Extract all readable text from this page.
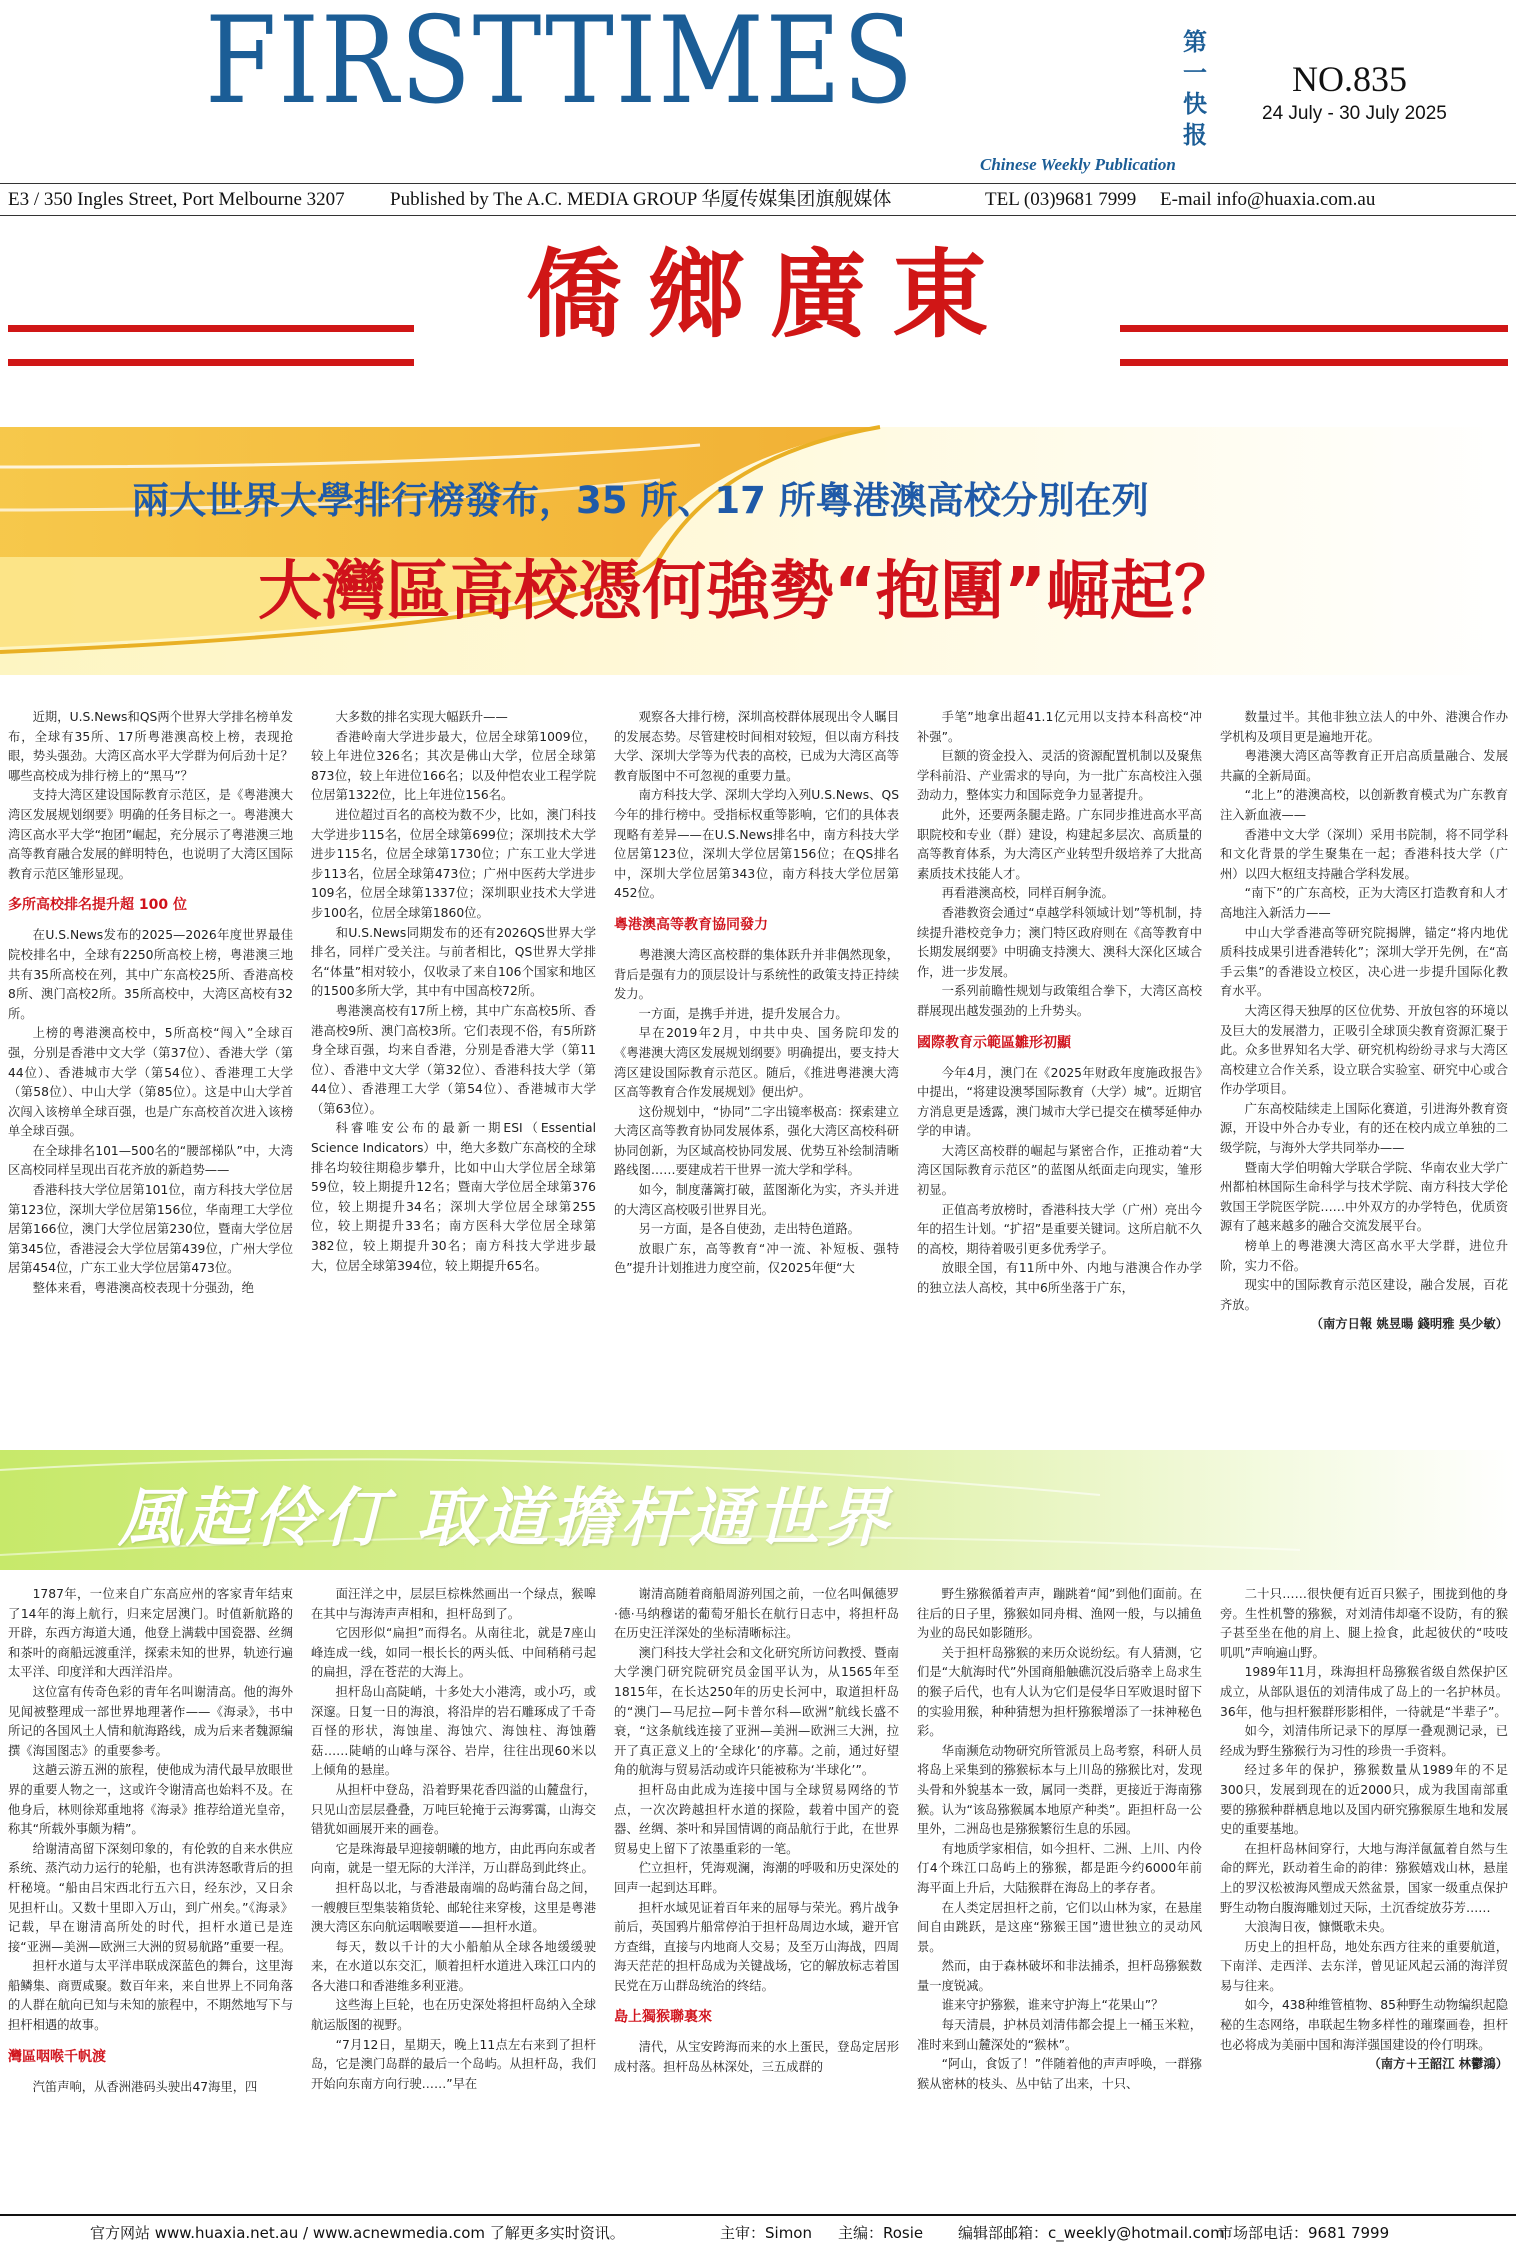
FIRSTTIMES
Chinese Weekly Publication
第一快报
NO.835
24 July - 30 July 2025
E3 / 350 Ingles Street, Port Melbourne 3207 Published by The A.C. MEDIA GROUP 华厦传媒集团旗舰媒体	TEL (03)9681 7999 E-mail info@huaxia.com.au
僑鄉廣東
兩大世界大學排行榜發布，35 所、17 所粵港澳高校分別在列
大灣區高校憑何強勢“抱團”崛起？

近期，U.S.News和QS两个世界大学排名榜单发布，全球有35所、17所粤港澳高校上榜，表现抢眼，势头强劲。大湾区高水平大学群为何后劲十足？哪些高校成为排行榜上的“黑马”？

支持大湾区建设国际教育示范区，是《粤港澳大湾区发展规划纲要》明确的任务目标之一。粤港澳大湾区高水平大学“抱团”崛起，充分展示了粤港澳三地高等教育融合发展的鲜明特色，也说明了大湾区国际教育示范区雏形显现。

多所高校排名提升超 100 位

在U.S.News发布的2025—2026年度世界最佳院校排名中，全球有2250所高校上榜，粤港澳三地共有35所高校在列，其中广东高校25所、香港高校8所、澳门高校2所。35所高校中，大湾区高校有32所。

上榜的粤港澳高校中，5所高校“闯入”全球百强，分别是香港中文大学（第37位）、香港大学（第44位）、香港城市大学（第54位）、香港理工大学（第58位）、中山大学（第85位）。这是中山大学首次闯入该榜单全球百强，也是广东高校首次进入该榜单全球百强。

在全球排名101—500名的“腰部梯队”中，大湾区高校同样呈现出百花齐放的新趋势——

香港科技大学位居第101位，南方科技大学位居第123位，深圳大学位居第156位，华南理工大学位居第166位，澳门大学位居第230位，暨南大学位居第345位，香港浸会大学位居第439位，广州大学位居第454位，广东工业大学位居第473位。

整体来看，粤港澳高校表现十分强劲，绝

大多数的排名实现大幅跃升——

香港岭南大学进步最大，位居全球第1009位，较上年进位326名；其次是佛山大学，位居全球第873位，较上年进位166名；以及仲恺农业工程学院位居第1322位，比上年进位156名。

进位超过百名的高校为数不少，比如，澳门科技大学进步115名，位居全球第699位；深圳技术大学进步115名，位居全球第1730位；广东工业大学进步113名，位居全球第473位；广州中医药大学进步109名，位居全球第1337位；深圳职业技术大学进步100名，位居全球第1860位。

和U.S.News同期发布的还有2026QS世界大学排名，同样广受关注。与前者相比，QS世界大学排名“体量”相对较小，仅收录了来自106个国家和地区的1500多所大学，其中有中国高校72所。

粤港澳高校有17所上榜，其中广东高校5所、香港高校9所、澳门高校3所。它们表现不俗，有5所跻身全球百强，均来自香港，分别是香港大学（第11位）、香港中文大学（第32位）、香港科技大学（第44位）、香港理工大学（第54位）、香港城市大学（第63位）。

科睿唯安公布的最新一期ESI（Essential Science Indicators）中，绝大多数广东高校的全球排名均较往期稳步攀升，比如中山大学位居全球第59位，较上期提升12名；暨南大学位居全球第376位，较上期提升34名；深圳大学位居全球第255位，较上期提升33名；南方医科大学位居全球第382位，较上期提升30名；南方科技大学进步最大，位居全球第394位，较上期提升65名。

观察各大排行榜，深圳高校群体展现出令人瞩目的发展态势。尽管建校时间相对较短，但以南方科技大学、深圳大学等为代表的高校，已成为大湾区高等教育版图中不可忽视的重要力量。

南方科技大学、深圳大学均入列U.S.News、QS今年的排行榜中。受指标权重等影响，它们的具体表现略有差异——在U.S.News排名中，南方科技大学位居第123位，深圳大学位居第156位；在QS排名中，深圳大学位居第343位，南方科技大学位居第452位。

粵港澳高等教育協同發力

粤港澳大湾区高校群的集体跃升并非偶然现象，背后是强有力的顶层设计与系统性的政策支持正持续发力。

一方面，是携手并进，提升发展合力。

早在2019年2月，中共中央、国务院印发的《粤港澳大湾区发展规划纲要》明确提出，要支持大湾区建设国际教育示范区。随后，《推进粤港澳大湾区高等教育合作发展规划》便出炉。

这份规划中，“协同”二字出镜率极高：探索建立大湾区高等教育协同发展体系，强化大湾区高校科研协同创新，为区域高校协同发展、优势互补绘制清晰路线图……要建成若干世界一流大学和学科。

如今，制度藩篱打破，蓝图渐化为实，齐头并进的大湾区高校吸引世界目光。

另一方面，是各自使劲，走出特色道路。

放眼广东，高等教育“冲一流、补短板、强特色”提升计划推进力度空前，仅2025年便“大

手笔”地拿出超41.1亿元用以支持本科高校“冲补强”。

巨额的资金投入、灵活的资源配置机制以及聚焦学科前沿、产业需求的导向，为一批广东高校注入强劲动力，整体实力和国际竞争力显著提升。

此外，还要两条腿走路。广东同步推进高水平高职院校和专业（群）建设，构建起多层次、高质量的高等教育体系，为大湾区产业转型升级培养了大批高素质技术技能人才。

再看港澳高校，同样百舸争流。

香港教资会通过“卓越学科领域计划”等机制，持续提升港校竞争力；澳门特区政府则在《高等教育中长期发展纲要》中明确支持澳大、澳科大深化区域合作，进一步发展。

一系列前瞻性规划与政策组合拳下，大湾区高校群展现出越发强劲的上升势头。

國際教育示範區雛形初顯

今年4月，澳门在《2025年财政年度施政报告》中提出，“将建设澳琴国际教育（大学）城”。近期官方消息更是透露，澳门城市大学已提交在横琴延伸办学的申请。

大湾区高校群的崛起与紧密合作，正推动着“大湾区国际教育示范区”的蓝图从纸面走向现实，雏形初显。

正值高考放榜时，香港科技大学（广州）亮出今年的招生计划。“扩招”是重要关键词。这所启航不久的高校，期待着吸引更多优秀学子。

放眼全国，有11所中外、内地与港澳合作办学的独立法人高校，其中6所坐落于广东，

数量过半。其他非独立法人的中外、港澳合作办学机构及项目更是遍地开花。

粤港澳大湾区高等教育正开启高质量融合、发展共赢的全新局面。

“北上”的港澳高校，以创新教育模式为广东教育注入新血液——

香港中文大学（深圳）采用书院制，将不同学科和文化背景的学生聚集在一起；香港科技大学（广州）以四大枢纽支持融合学科发展。

“南下”的广东高校，正为大湾区打造教育和人才高地注入新活力——

中山大学香港高等研究院揭牌，锚定“将内地优质科技成果引进香港转化”；深圳大学开先例，在“高手云集”的香港设立校区，决心进一步提升国际化教育水平。

大湾区得天独厚的区位优势、开放包容的环境以及巨大的发展潜力，正吸引全球顶尖教育资源汇聚于此。众多世界知名大学、研究机构纷纷寻求与大湾区高校建立合作关系，设立联合实验室、研究中心或合作办学项目。

广东高校陆续走上国际化赛道，引进海外教育资源，开设中外合办专业，有的还在校内成立单独的二级学院，与海外大学共同举办——

暨南大学伯明翰大学联合学院、华南农业大学广州都柏林国际生命科学与技术学院、南方科技大学伦敦国王学院医学院……中外双方的办学特色，优质资源有了越来越多的融合交流发展平台。

榜单上的粤港澳大湾区高水平大学群，进位升阶，实力不俗。

现实中的国际教育示范区建设，融合发展，百花齐放。

（南方日報 姚昱暘 錢明雅 吳少敏）

風起伶仃 取道擔杆通世界

1787年，一位来自广东高应州的客家青年结束了14年的海上航行，归来定居澳门。时值新航路的开辟，东西方海道大通，他登上满载中国瓷器、丝绸和茶叶的商船远渡重洋，探索未知的世界，轨迹行遍太平洋、印度洋和大西洋沿岸。

这位富有传奇色彩的青年名叫谢清高。他的海外见闻被整理成一部世界地理著作——《海录》，书中所记的各国风土人情和航海路线，成为后来者魏源编撰《海国图志》的重要参考。

这趟云游五洲的旅程，使他成为清代最早放眼世界的重要人物之一，这或许令谢清高也始料不及。在他身后，林则徐郑重地将《海录》推荐给道光皇帝，称其“所载外事颇为精”。

给谢清高留下深刻印象的，有伦敦的自来水供应系统、蒸汽动力运行的轮船，也有洪涛怒歌背后的担杆秘境。“船由吕宋西北行五六日，经东沙，又日余见担杆山。又数十里即入万山，到广州矣。”《海录》记载，早在谢清高所处的时代，担杆水道已是连接“亚洲—美洲—欧洲三大洲的贸易航路”重要一程。

担杆水道与太平洋串联成深蓝色的舞台，这里海船鳞集、商贾咸聚。数百年来，来自世界上不同角落的人群在航向已知与未知的旅程中，不期然地写下与担杆相遇的故事。

灣區咽喉千帆渡

汽笛声响，从香洲港码头驶出47海里，四

面汪洋之中，层层巨棕株然画出一个绿点，猴嗥在其中与海涛声声相和，担杆岛到了。

它因形似“扁担”而得名。从南往北，就是7座山峰连成一线，如同一根长长的两头低、中间稍稍弓起的扁担，浮在苍茫的大海上。

担杆岛山高陡峭，十多处大小港湾，或小巧，或深邃。日复一日的海浪，将沿岸的岩石雕琢成了千奇百怪的形状，海蚀崖、海蚀穴、海蚀柱、海蚀蘑菇……陡峭的山峰与深谷、岩岸，往往出现60米以上倾角的悬崖。

从担杆中登岛，沿着野果花香四溢的山麓盘行，只见山峦层层叠叠，万吨巨轮掩于云海雾霭，山海交错犹如画展开来的画卷。

它是珠海最早迎接朝曦的地方，由此再向东或者向南，就是一望无际的大洋洋，万山群岛到此终止。

担杆岛以北，与香港最南端的岛屿蒲台岛之间，一艘艘巨型集装箱货轮、邮轮往来穿梭，这里是粤港澳大湾区东向航运咽喉要道——担杆水道。

每天，数以千计的大小船舶从全球各地缓缓驶来，在水道以东交汇，顺着担杆水道进入珠江口内的各大港口和香港维多利亚港。

这些海上巨轮，也在历史深处将担杆岛纳入全球航运版图的视野。

“7月12日，星期天，晚上11点左右来到了担杆岛，它是澳门岛群的最后一个岛屿。从担杆岛，我们开始向东南方向行驶……”早在

谢清高随着商船周游列国之前，一位名叫佩德罗·德·马纳穆诺的葡萄牙船长在航行日志中，将担杆岛在历史汪洋深处的坐标清晰标注。

澳门科技大学社会和文化研究所访问教授、暨南大学澳门研究院研究员金国平认为，从1565年至1815年，在长达250年的历史长河中，取道担杆岛的“澳门—马尼拉—阿卡普尔科—欧洲”航线长盛不衰，“这条航线连接了亚洲—美洲—欧洲三大洲，拉开了真正意义上的‘全球化’的序幕。之前，通过好望角的航海与贸易活动或许只能被称为‘半球化’”。

担杆岛由此成为连接中国与全球贸易网络的节点，一次次跨越担杆水道的探险，载着中国产的瓷器、丝绸、茶叶和异国情调的商品航行于此，在世界贸易史上留下了浓墨重彩的一笔。

伫立担杆，凭海观澜，海潮的呼吸和历史深处的回声一起到达耳畔。

担杆水域见证着百年来的屈辱与荣光。鸦片战争前后，英国鸦片船常停泊于担杆岛周边水域，避开官方查缉，直接与内地商人交易；及至万山海战，四周海天茫茫的担杆岛成为关键战场，它的解放标志着国民党在万山群岛统治的终结。

島上獨猴聯裏來

清代，从宝安跨海而来的水上蛋民，登岛定居形成村落。担杆岛丛林深处，三五成群的

野生猕猴循着声声，蹦跳着“闻”到他们面前。在往后的日子里，猕猴如同舟楫、渔网一般，与以捕鱼为业的岛民如影随形。

关于担杆岛猕猴的来历众说纷纭。有人猜测，它们是“大航海时代”外国商船触礁沉没后骆幸上岛求生的猴子后代，也有人认为它们是侵华日军败退时留下的实验用猴，种种猜想为担杆猕猴增添了一抹神秘色彩。

华南濒危动物研究所管派员上岛考察，科研人员将岛上采集到的猕猴标本与上川岛的猕猴比对，发现头骨和外貌基本一致，属同一类群，更接近于海南猕猴。认为“该岛猕猴属本地原产种类”。距担杆岛一公里外，二洲岛也是猕猴繁衍生息的乐园。

有地质学家相信，如今担杆、二洲、上川、内伶仃4个珠江口岛屿上的猕猴，都是距今约6000年前海平面上升后，大陆猴群在海岛上的孝存者。

在人类定居担杆之前，它们以山林为家，在悬崖间自由跳跃，是这座“猕猴王国”遗世独立的灵动风景。

然而，由于森林破坏和非法捕杀，担杆岛猕猴数量一度锐减。

谁来守护猕猴，谁来守护海上“花果山”？

每天清晨，护林员刘清伟都会提上一桶玉米粒，准时来到山麓深处的“猴林”。

“阿山，食饭了！”伴随着他的声声呼唤，一群猕猴从密林的枝头、丛中钻了出来，十只、

二十只……很快便有近百只猴子，围拢到他的身旁。生性机警的猕猴，对刘清伟却毫不设防，有的猴子甚至坐在他的肩上、腿上捡食，此起彼伏的“吱吱叽叽”声响遍山野。

1989年11月，珠海担杆岛猕猴省级自然保护区成立，从部队退伍的刘清伟成了岛上的一名护林员。36年，他与担杆猴群形影相伴，一待就是“半辈子”。

如今，刘清伟所记录下的厚厚一叠观测记录，已经成为野生猕猴行为习性的珍贵一手资料。

经过多年的保护，猕猴数量从1989年的不足300只，发展到现在的近2000只，成为我国南部重要的猕猴种群栖息地以及国内研究猕猴原生地和发展史的重要基地。

在担杆岛林间穿行，大地与海洋氤氲着自然与生命的辉光，跃动着生命的韵律：猕猴嬉戏山林，悬崖上的罗汉松被海风塑成天然盆景，国家一级重点保护野生动物白腹海雕划过天际，土沉香绽放芬芳……

大浪淘日夜，慷慨歌未央。

历史上的担杆岛，地处东西方往来的重要航道，下南洋、走西洋、去东洋，曾见证风起云涌的海洋贸易与往来。

如今，438种维管植物、85种野生动物编织起隐秘的生态网络，串联起生物多样性的璀璨画卷，担杆也必将成为美丽中国和海洋强国建设的伶仃明珠。

（南方＋王韶江 林鬱鴻）

官方网站 www.huaxia.net.au / www.acnewmedia.com 了解更多实时资讯。	主审：Simon 主编：Rosie 编辑部邮箱：c_weekly@hotmail.com
市场部电话：9681 7999
